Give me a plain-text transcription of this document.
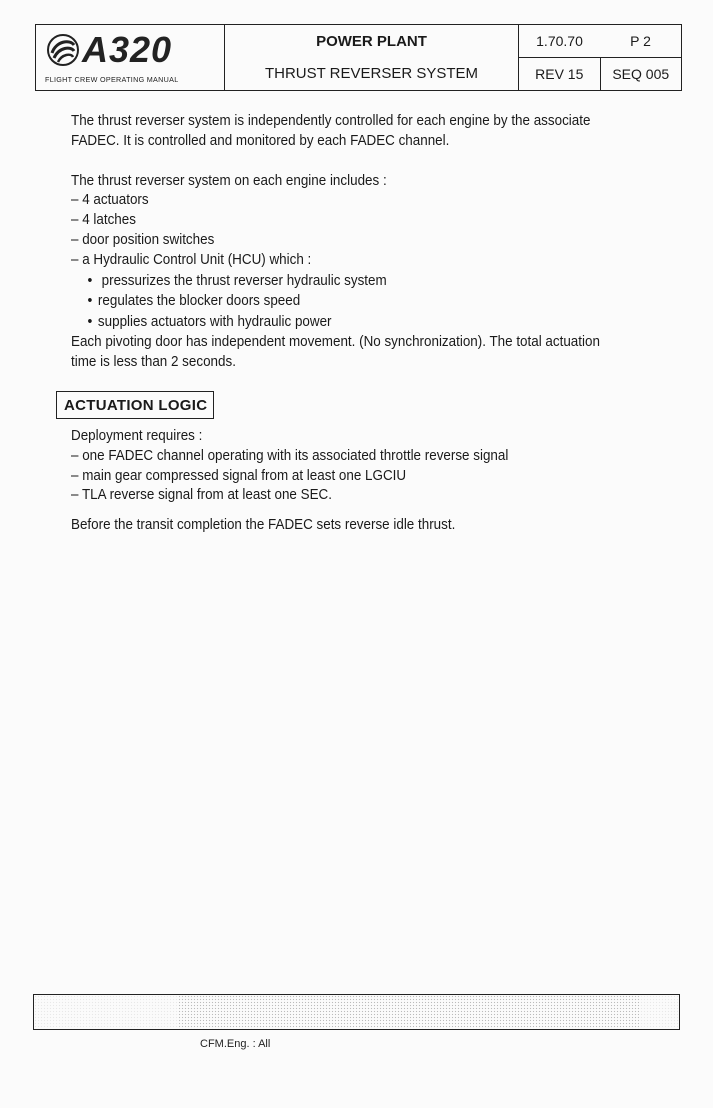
A320
FLIGHT CREW OPERATING MANUAL
POWER PLANT
THRUST REVERSER SYSTEM
1.70.70	P 2
REV 15	SEQ 005

The thrust reverser system is independently controlled for each engine by the associate

FADEC. It is controlled and monitored by each FADEC channel.

The thrust reverser system on each engine includes :

– 4 actuators

– 4 latches

– door position switches

– a Hydraulic Control Unit (HCU) which :

• pressurizes the thrust reverser hydraulic system

• regulates the blocker doors speed

• supplies actuators with hydraulic power

Each pivoting door has independent movement. (No synchronization). The total actuation

time is less than 2 seconds.

ACTUATION LOGIC

Deployment requires :

– one FADEC channel operating with its associated throttle reverse signal

– main gear compressed signal from at least one LGCIU

– TLA reverse signal from at least one SEC.

Before the transit completion the FADEC sets reverse idle thrust.

CFM.Eng. : All
